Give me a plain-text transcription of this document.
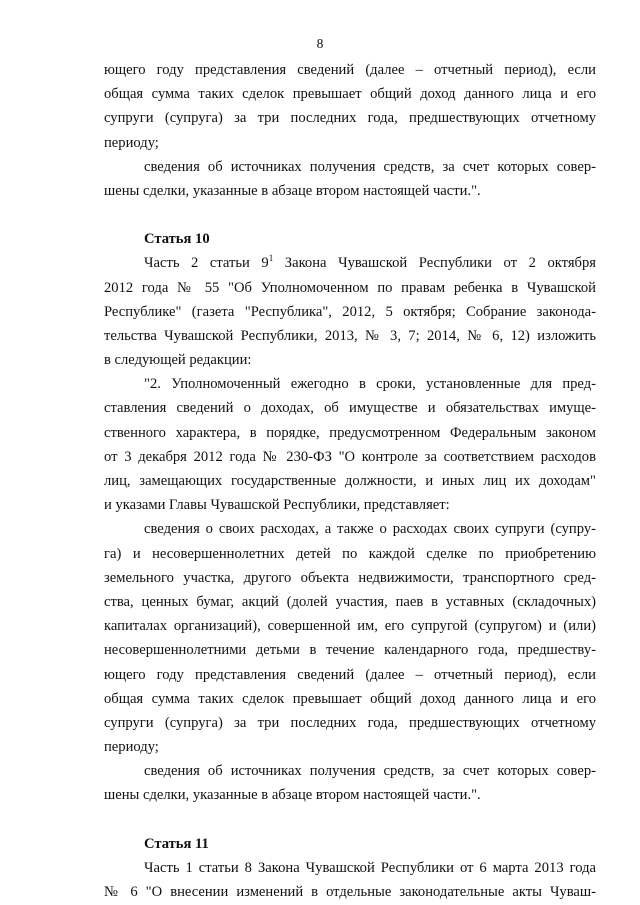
8
ющего году представления сведений (далее – отчетный период), если
общая сумма таких сделок превышает общий доход данного лица и его
супруги (супруга) за три последних года, предшествующих отчетному
периоду;
сведения об источниках получения средств, за счет которых совер-
шены сделки, указанные в абзаце втором настоящей части.".
Статья 10
Часть 2 статьи $9^1$ Закона Чувашской Республики от 2 октября
2012 года № 55 "Об Уполномоченном по правам ребенка в Чувашской
Республике" (газета "Республика", 2012, 5 октября; Собрание законода-
тельства Чувашской Республики, 2013, № 3, 7; 2014, № 6, 12) изложить
в следующей редакции:
"2. Уполномоченный ежегодно в сроки, установленные для пред-
ставления сведений о доходах, об имуществе и обязательствах имуще-
ственного характера, в порядке, предусмотренном Федеральным законом
от 3 декабря 2012 года № 230-ФЗ "О контроле за соответствием расходов
лиц, замещающих государственные должности, и иных лиц их доходам"
и указами Главы Чувашской Республики, представляет:
сведения о своих расходах, а также о расходах своих супруги (супру-
га) и несовершеннолетних детей по каждой сделке по приобретению
земельного участка, другого объекта недвижимости, транспортного сред-
ства, ценных бумаг, акций (долей участия, паев в уставных (складочных)
капиталах организаций), совершенной им, его супругой (супругом) и (или)
несовершеннолетними детьми в течение календарного года, предшеству-
ющего году представления сведений (далее – отчетный период), если
общая сумма таких сделок превышает общий доход данного лица и его
супруги (супруга) за три последних года, предшествующих отчетному
периоду;
сведения об источниках получения средств, за счет которых совер-
шены сделки, указанные в абзаце втором настоящей части.".
Статья 11
Часть 1 статьи 8 Закона Чувашской Республики от 6 марта 2013 года
№ 6 "О внесении изменений в отдельные законодательные акты Чуваш-
